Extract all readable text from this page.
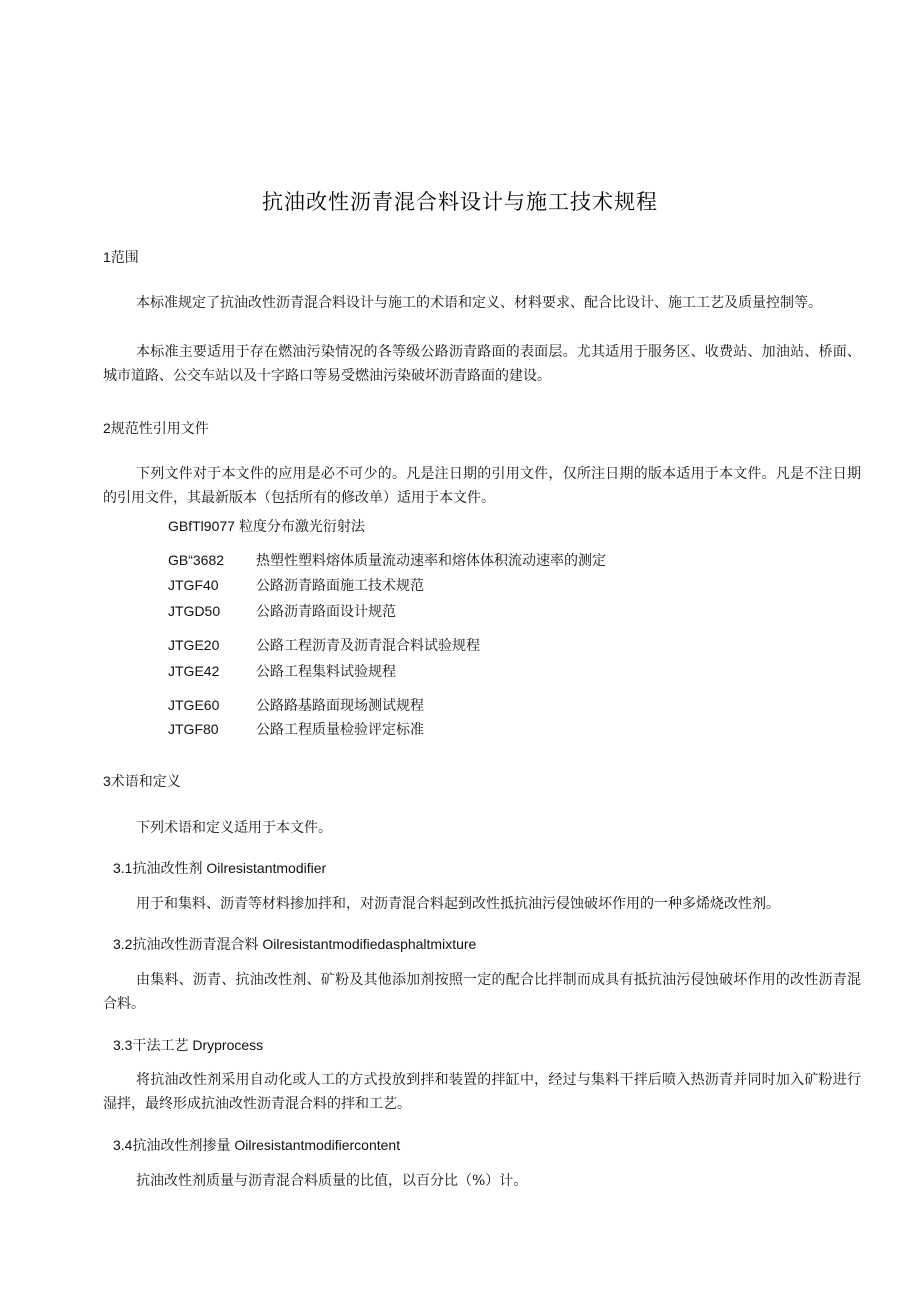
抗油改性沥青混合料设计与施工技术规程
1范围
本标准规定了抗油改性沥青混合料设计与施工的术语和定义、材料要求、配合比设计、施工工艺及质量控制等。
本标准主要适用于存在燃油污染情况的各等级公路沥青路面的表面层。尤其适用于服务区、收费站、加油站、桥面、城市道路、公交车站以及十字路口等易受燃油污染破坏沥青路面的建设。
2规范性引用文件
下列文件对于本文件的应用是必不可少的。凡是注日期的引用文件，仅所注日期的版本适用于本文件。凡是不注日期的引用文件，其最新版本（包括所有的修改单）适用于本文件。
GBfTl9077 粒度分布激光衍射法
GB“3682 热塑性塑料熔体质量流动速率和熔体体积流动速率的测定
JTGF40	公路沥青路面施工技术规范
JTGD50	公路沥青路面设计规范
JTGE20	公路工程沥青及沥青混合料试验规程
JTGE42	公路工程集料试验规程
JTGE60	公路路基路面现场测试规程
JTGF80	公路工程质量检验评定标准
3术语和定义
下列术语和定义适用于本文件。
3.1抗油改性剂 Oilresistantmodifier
用于和集料、沥青等材料掺加拌和，对沥青混合料起到改性抵抗油污侵蚀破坏作用的一种多烯烧改性剂。
3.2抗油改性沥青混合料 Oilresistantmodifiedasphaltmixture
由集料、沥青、抗油改性剂、矿粉及其他添加剂按照一定的配合比拌制而成具有抵抗油污侵蚀破坏作用的改性沥青混合料。
3.3干法工艺 Dryprocess
将抗油改性剂采用自动化或人工的方式投放到拌和装置的拌缸中，经过与集料干拌后喷入热沥青并同时加入矿粉进行湿拌，最终形成抗油改性沥青混合料的拌和工艺。
3.4抗油改性剂掺量 Oilresistantmodifiercontent
抗油改性剂质量与沥青混合料质量的比值，以百分比（%）计。
